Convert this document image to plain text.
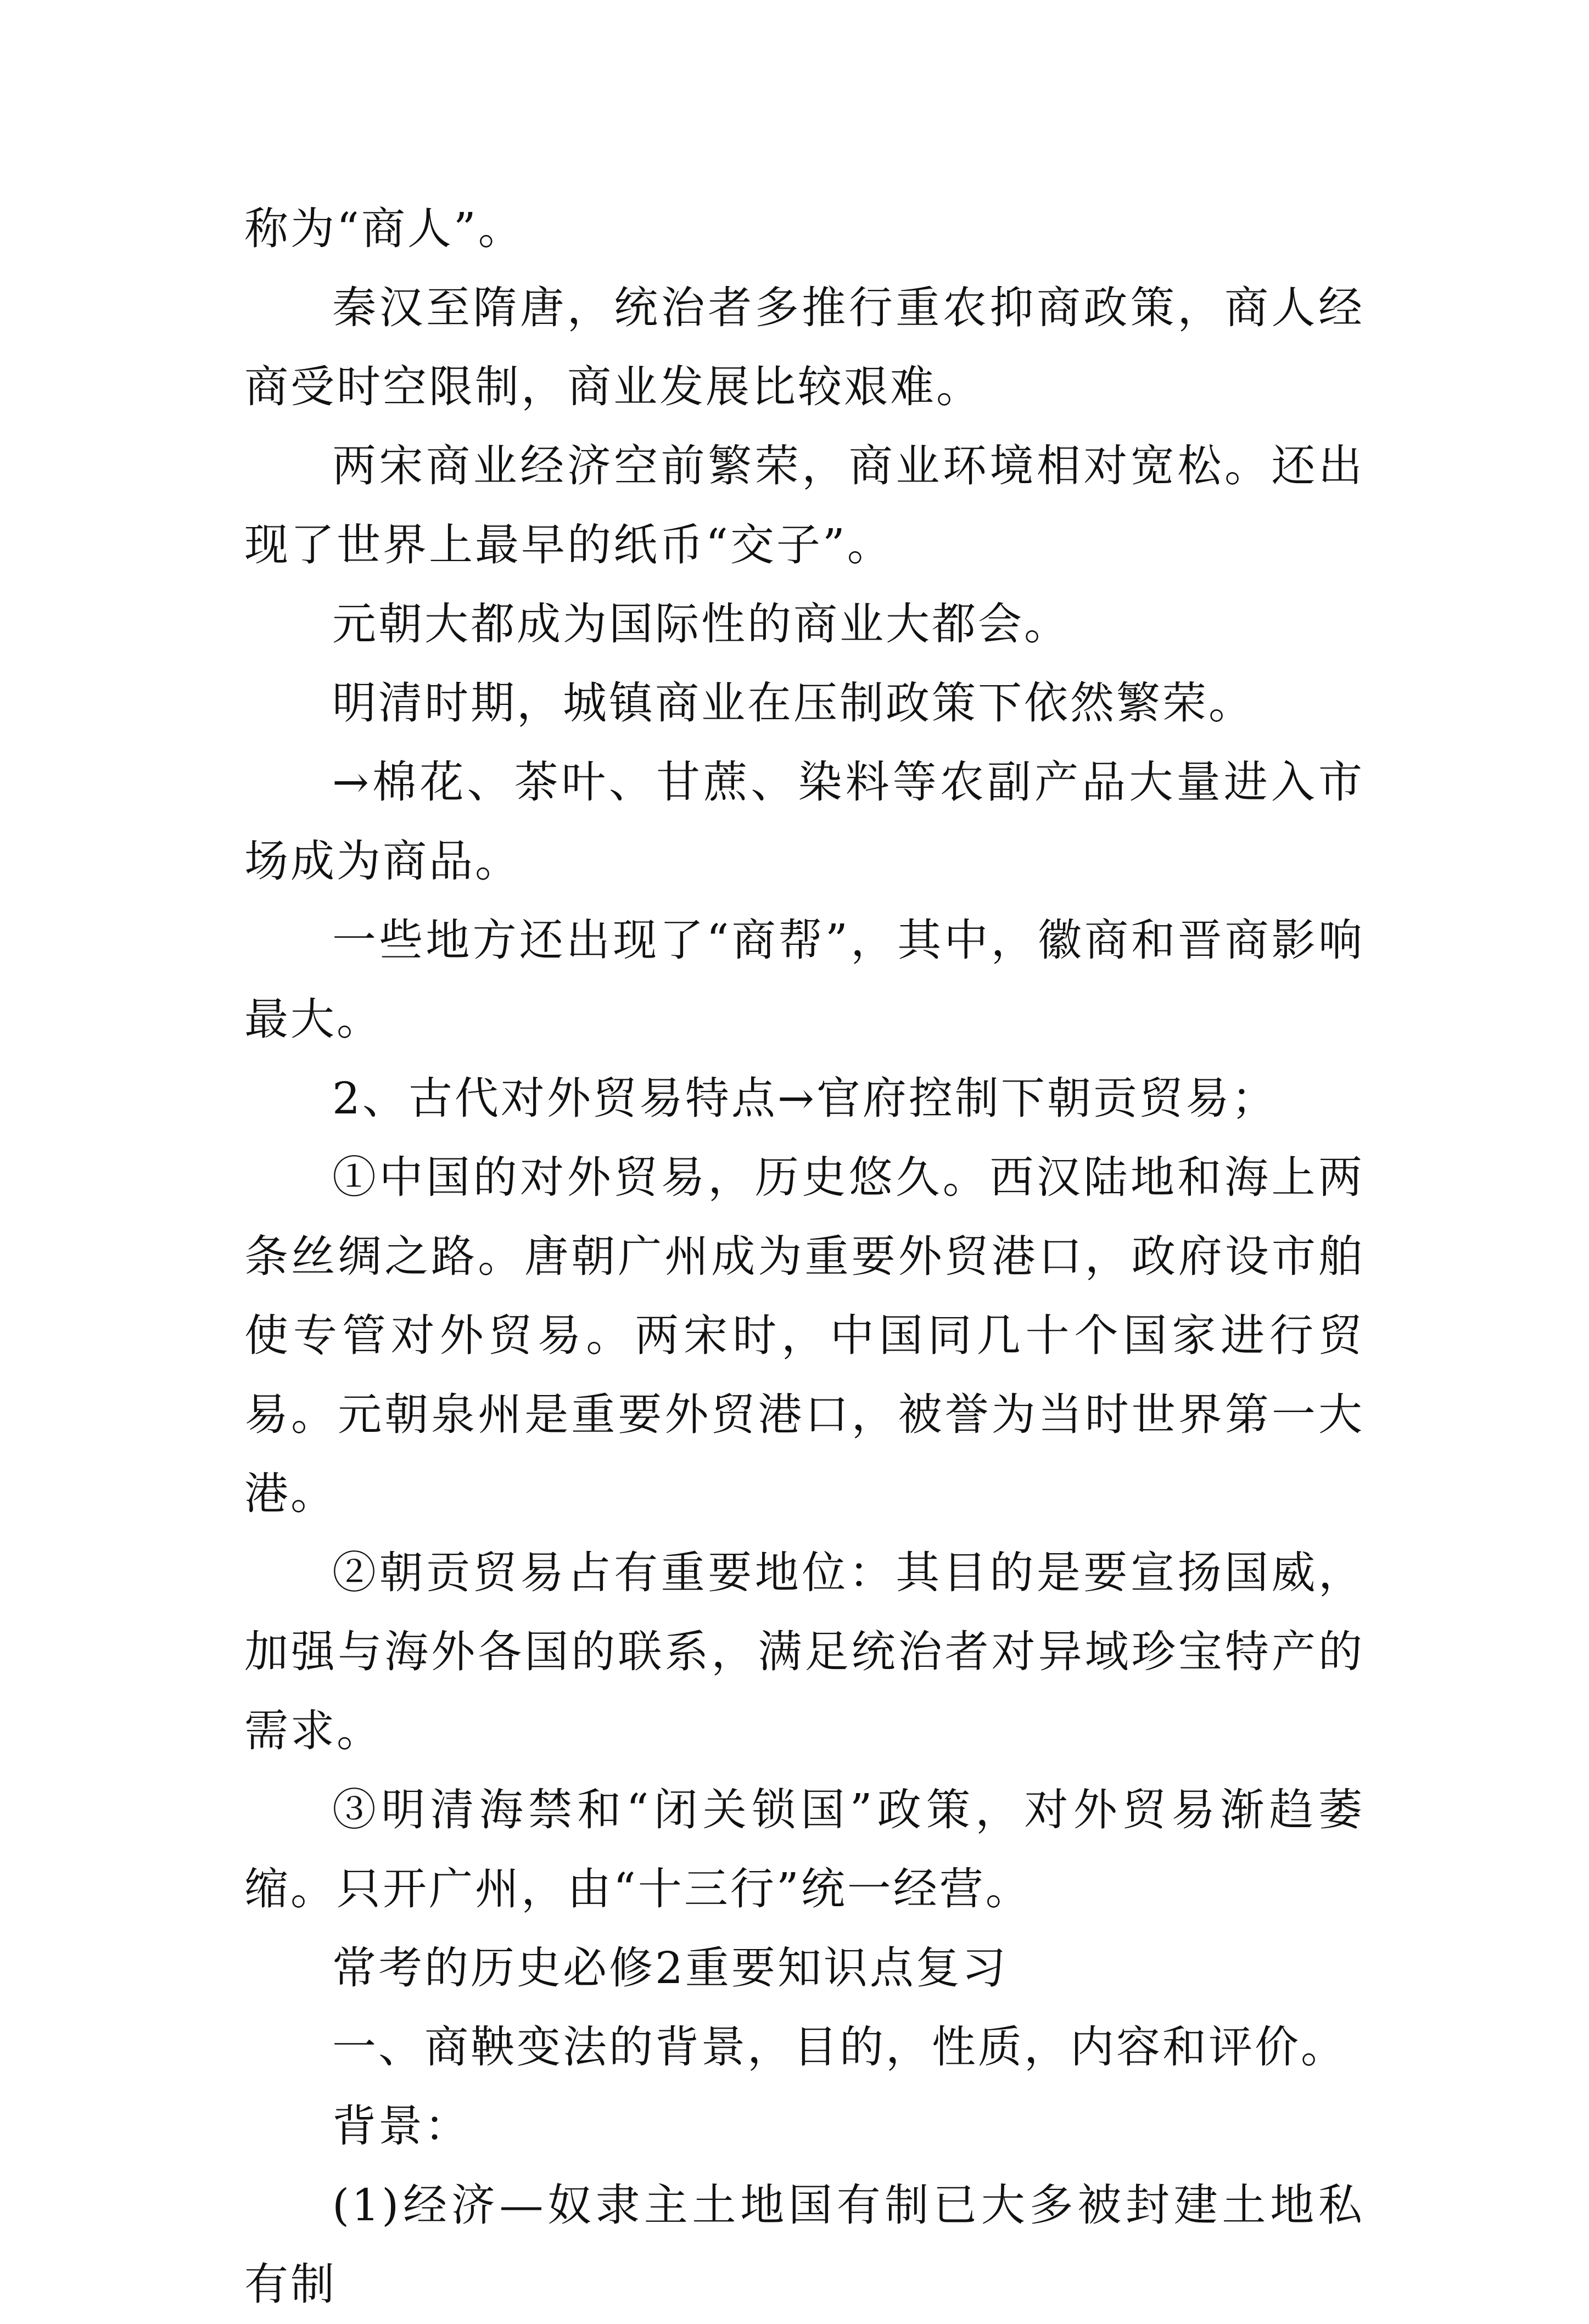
称为“商人”。

秦汉至隋唐，统治者多推行重农抑商政策，商人经商受时空限制，商业发展比较艰难。

两宋商业经济空前繁荣，商业环境相对宽松。还出现了世界上最早的纸币“交子”。

元朝大都成为国际性的商业大都会。

明清时期，城镇商业在压制政策下依然繁荣。

→棉花、茶叶、甘蔗、染料等农副产品大量进入市场成为商品。

一些地方还出现了“商帮”，其中，徽商和晋商影响最大。

2、古代对外贸易特点→官府控制下朝贡贸易；

①中国的对外贸易，历史悠久。西汉陆地和海上两条丝绸之路。唐朝广州成为重要外贸港口，政府设市舶使专管对外贸易。两宋时，中国同几十个国家进行贸易。元朝泉州是重要外贸港口，被誉为当时世界第一大港。

②朝贡贸易占有重要地位：其目的是要宣扬国威，加强与海外各国的联系，满足统治者对异域珍宝特产的需求。

③明清海禁和“闭关锁国”政策，对外贸易渐趋萎缩。只开广州，由“十三行”统一经营。

常考的历史必修2重要知识点复习

一、商鞅变法的背景，目的，性质，内容和评价。

背景：

(1)经济—奴隶主土地国有制已大多被封建土地私有制
